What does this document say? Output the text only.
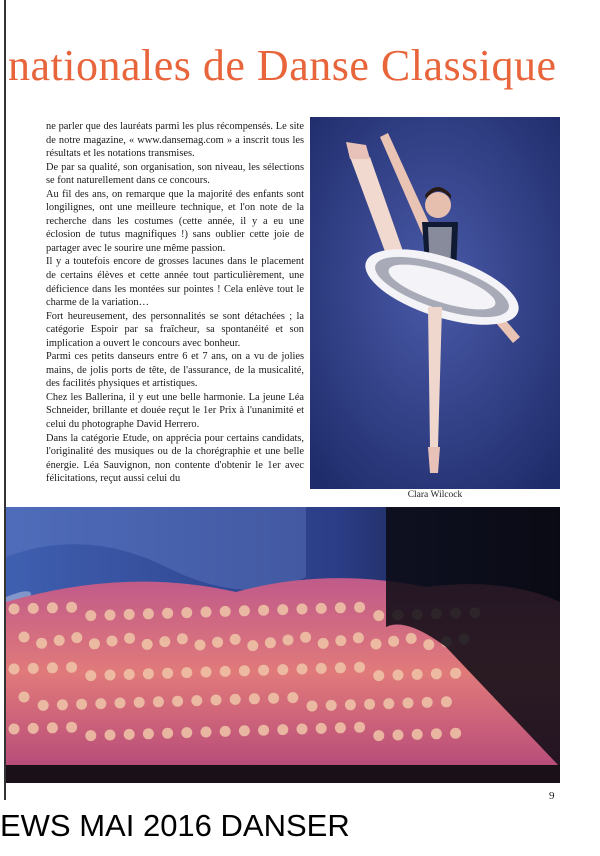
nationales de Danse Classique

ne parler que des lauréats parmi les plus récompensés. Le site de notre magazine, « www.dansemag.com » a inscrit tous les résultats et les notations transmises.

De par sa qualité, son organisation, son niveau, les sélections se font naturellement dans ce concours.

Au fil des ans, on remarque que la majorité des enfants sont longilignes, ont une meilleure technique, et l'on note de la recherche dans les costumes (cette année, il y a eu une éclosion de tutus magnifiques !) sans oublier cette joie de partager avec le sourire une même passion.

Il y a toutefois encore de grosses lacunes dans le placement de certains élèves et cette année tout particulièrement, une déficience dans les montées sur pointes ! Cela enlève tout le charme de la variation…

Fort heureusement, des personnalités se sont détachées ; la catégorie Espoir par sa fraîcheur, sa spontanéité et son implication a ouvert le concours avec bonheur.

Parmi ces petits danseurs entre 6 et 7 ans, on a vu de jolies mains, de jolis ports de tête, de l'assurance, de la musicalité, des facilités physiques et artistiques.

Chez les Ballerina, il y eut une belle harmonie. La jeune Léa Schneider, brillante et douée reçut le 1er Prix à l'unanimité et celui du photographe David Herrero.

Dans la catégorie Etude, on apprécia pour certains candidats, l'originalité des musiques ou de la chorégraphie et une belle énergie. Léa Sauvignon, non contente d'obtenir le 1er avec félicitations, reçut aussi celui du

Clara Wilcock
9
EWS MAI 2016 DANSER
